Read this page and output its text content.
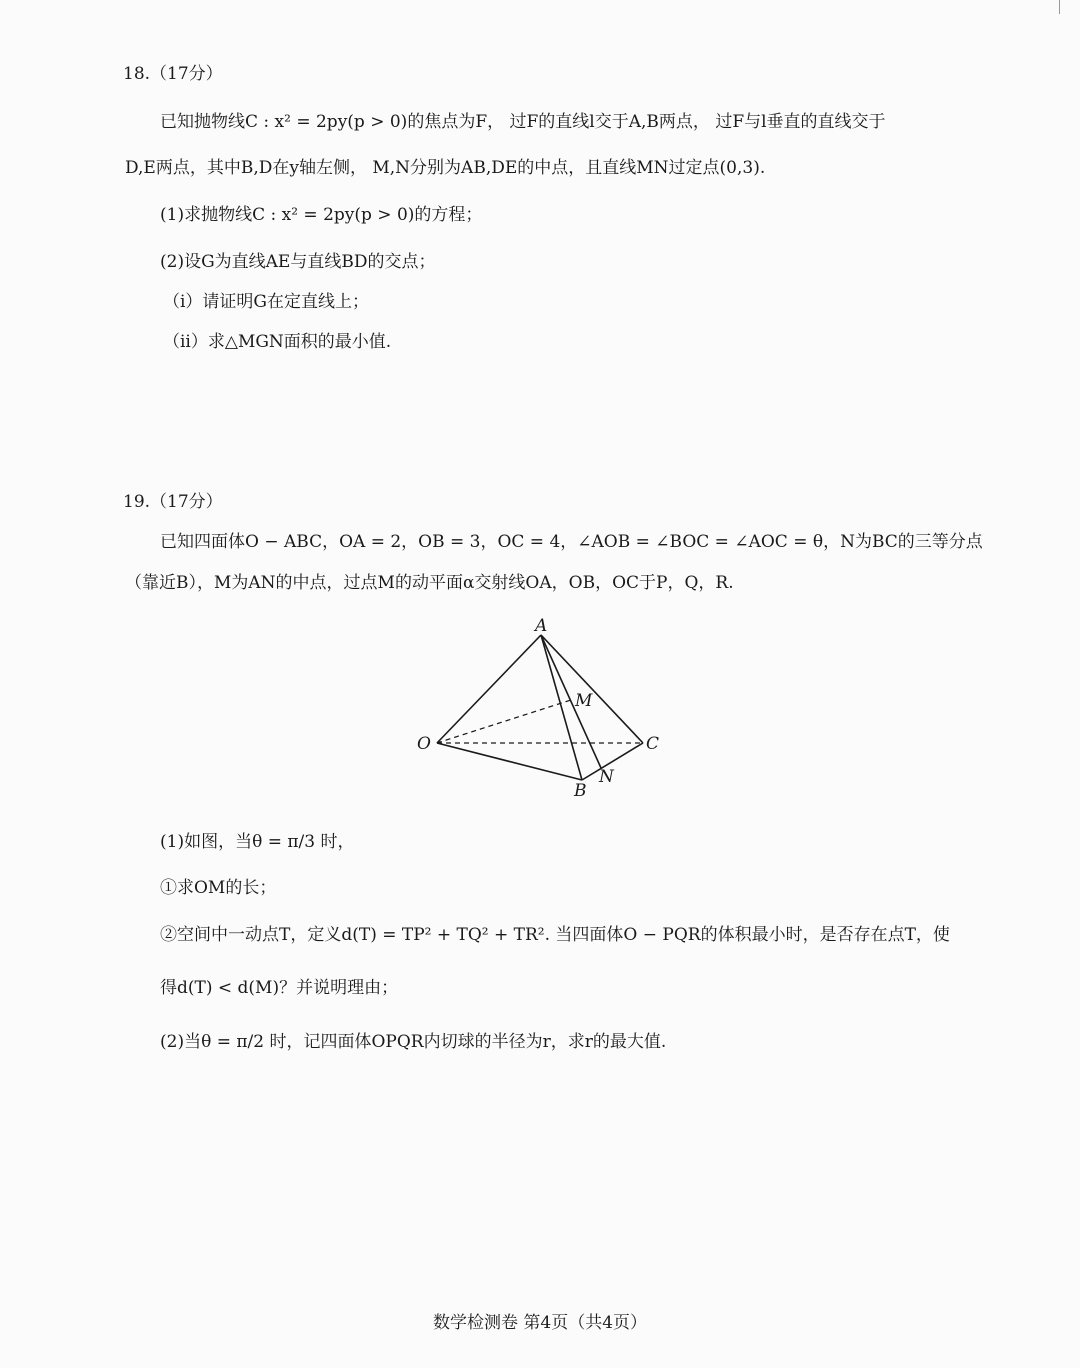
18.（17分）
已知抛物线C : x² = 2py(p > 0)的焦点为F， 过F的直线l交于A,B两点， 过F与l垂直的直线交于
D,E两点，其中B,D在y轴左侧， M,N分别为AB,DE的中点，且直线MN过定点(0,3).
(1)求抛物线C : x² = 2py(p > 0)的方程；
(2)设G为直线AE与直线BD的交点；
（i）请证明G在定直线上；
（ii）求△MGN面积的最小值.
19.（17分）
已知四面体O − ABC，OA = 2，OB = 3，OC = 4，∠AOB = ∠BOC = ∠AOC = θ，N为BC的三等分点
（靠近B），M为AN的中点，过点M的动平面α交射线OA，OB，OC于P，Q，R.
A
O
B
C
M
N
(1)如图，当θ = π/3 时，
①求OM的长；
②空间中一动点T，定义d(T) = TP² + TQ² + TR². 当四面体O − PQR的体积最小时，是否存在点T，使
得d(T) < d(M)？并说明理由；
(2)当θ = π/2 时，记四面体OPQR内切球的半径为r，求r的最大值.
数学检测卷 第4页（共4页）
